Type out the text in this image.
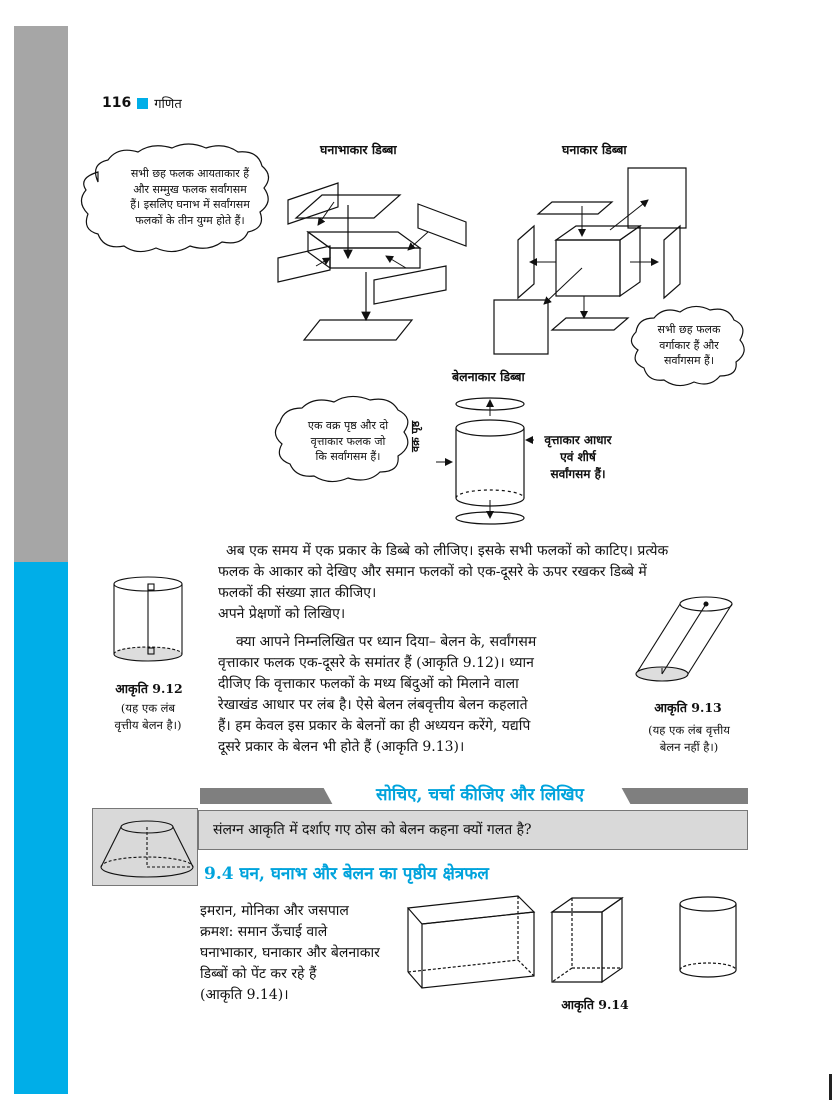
116 गणित
घनाभाकार डिब्बा	घनाकार डिब्बा
बेलनाकार डिब्बा
सभी छह फलक आयताकार हैं
और सम्मुख फलक सर्वांगसम
हैं। इसलिए घनाभ में सर्वांगसम
फलकों के तीन युग्म होते हैं।
सभी छह फलक
वर्गाकार हैं और
सर्वांगसम हैं।
एक वक्र पृष्ठ और दो
वृत्ताकार फलक जो
कि सर्वांगसम हैं।
वक्र पृष्ठ	वृत्ताकार आधार
एवं शीर्ष
सर्वांगसम हैं।
अब एक समय में एक प्रकार के डिब्बे को लीजिए। इसके सभी फलकों को काटिए। प्रत्येक
फलक के आकार को देखिए और समान फलकों को एक-दूसरे के ऊपर रखकर डिब्बे में
फलकों की संख्या ज्ञात कीजिए।
अपने प्रेक्षणों को लिखिए।
आकृति 9.12
(यह एक लंब
वृत्तीय बेलन है।)
क्या आपने निम्नलिखित पर ध्यान दिया– बेलन के, सर्वांगसम
वृत्ताकार फलक एक-दूसरे के समांतर हैं (आकृति 9.12)। ध्यान
दीजिए कि वृत्ताकार फलकों के मध्य बिंदुओं को मिलाने वाला
रेखाखंड आधार पर लंब है। ऐसे बेलन लंबवृत्तीय बेलन कहलाते
हैं। हम केवल इस प्रकार के बेलनों का ही अध्ययन करेंगे, यद्यपि
दूसरे प्रकार के बेलन भी होते हैं (आकृति 9.13)।
आकृति 9.13
(यह एक लंब वृत्तीय
बेलन नहीं है।)
सोचिए, चर्चा कीजिए और लिखिए
संलग्न आकृति में दर्शाए गए ठोस को बेलन कहना क्यों गलत है?
9.4 घन, घनाभ और बेलन का पृष्ठीय क्षेत्रफल
इमरान, मोनिका और जसपाल
क्रमश: समान ऊँचाई वाले
घनाभाकार, घनाकार और बेलनाकार
डिब्बों को पेंट कर रहे हैं
(आकृति 9.14)।
आकृति 9.14
